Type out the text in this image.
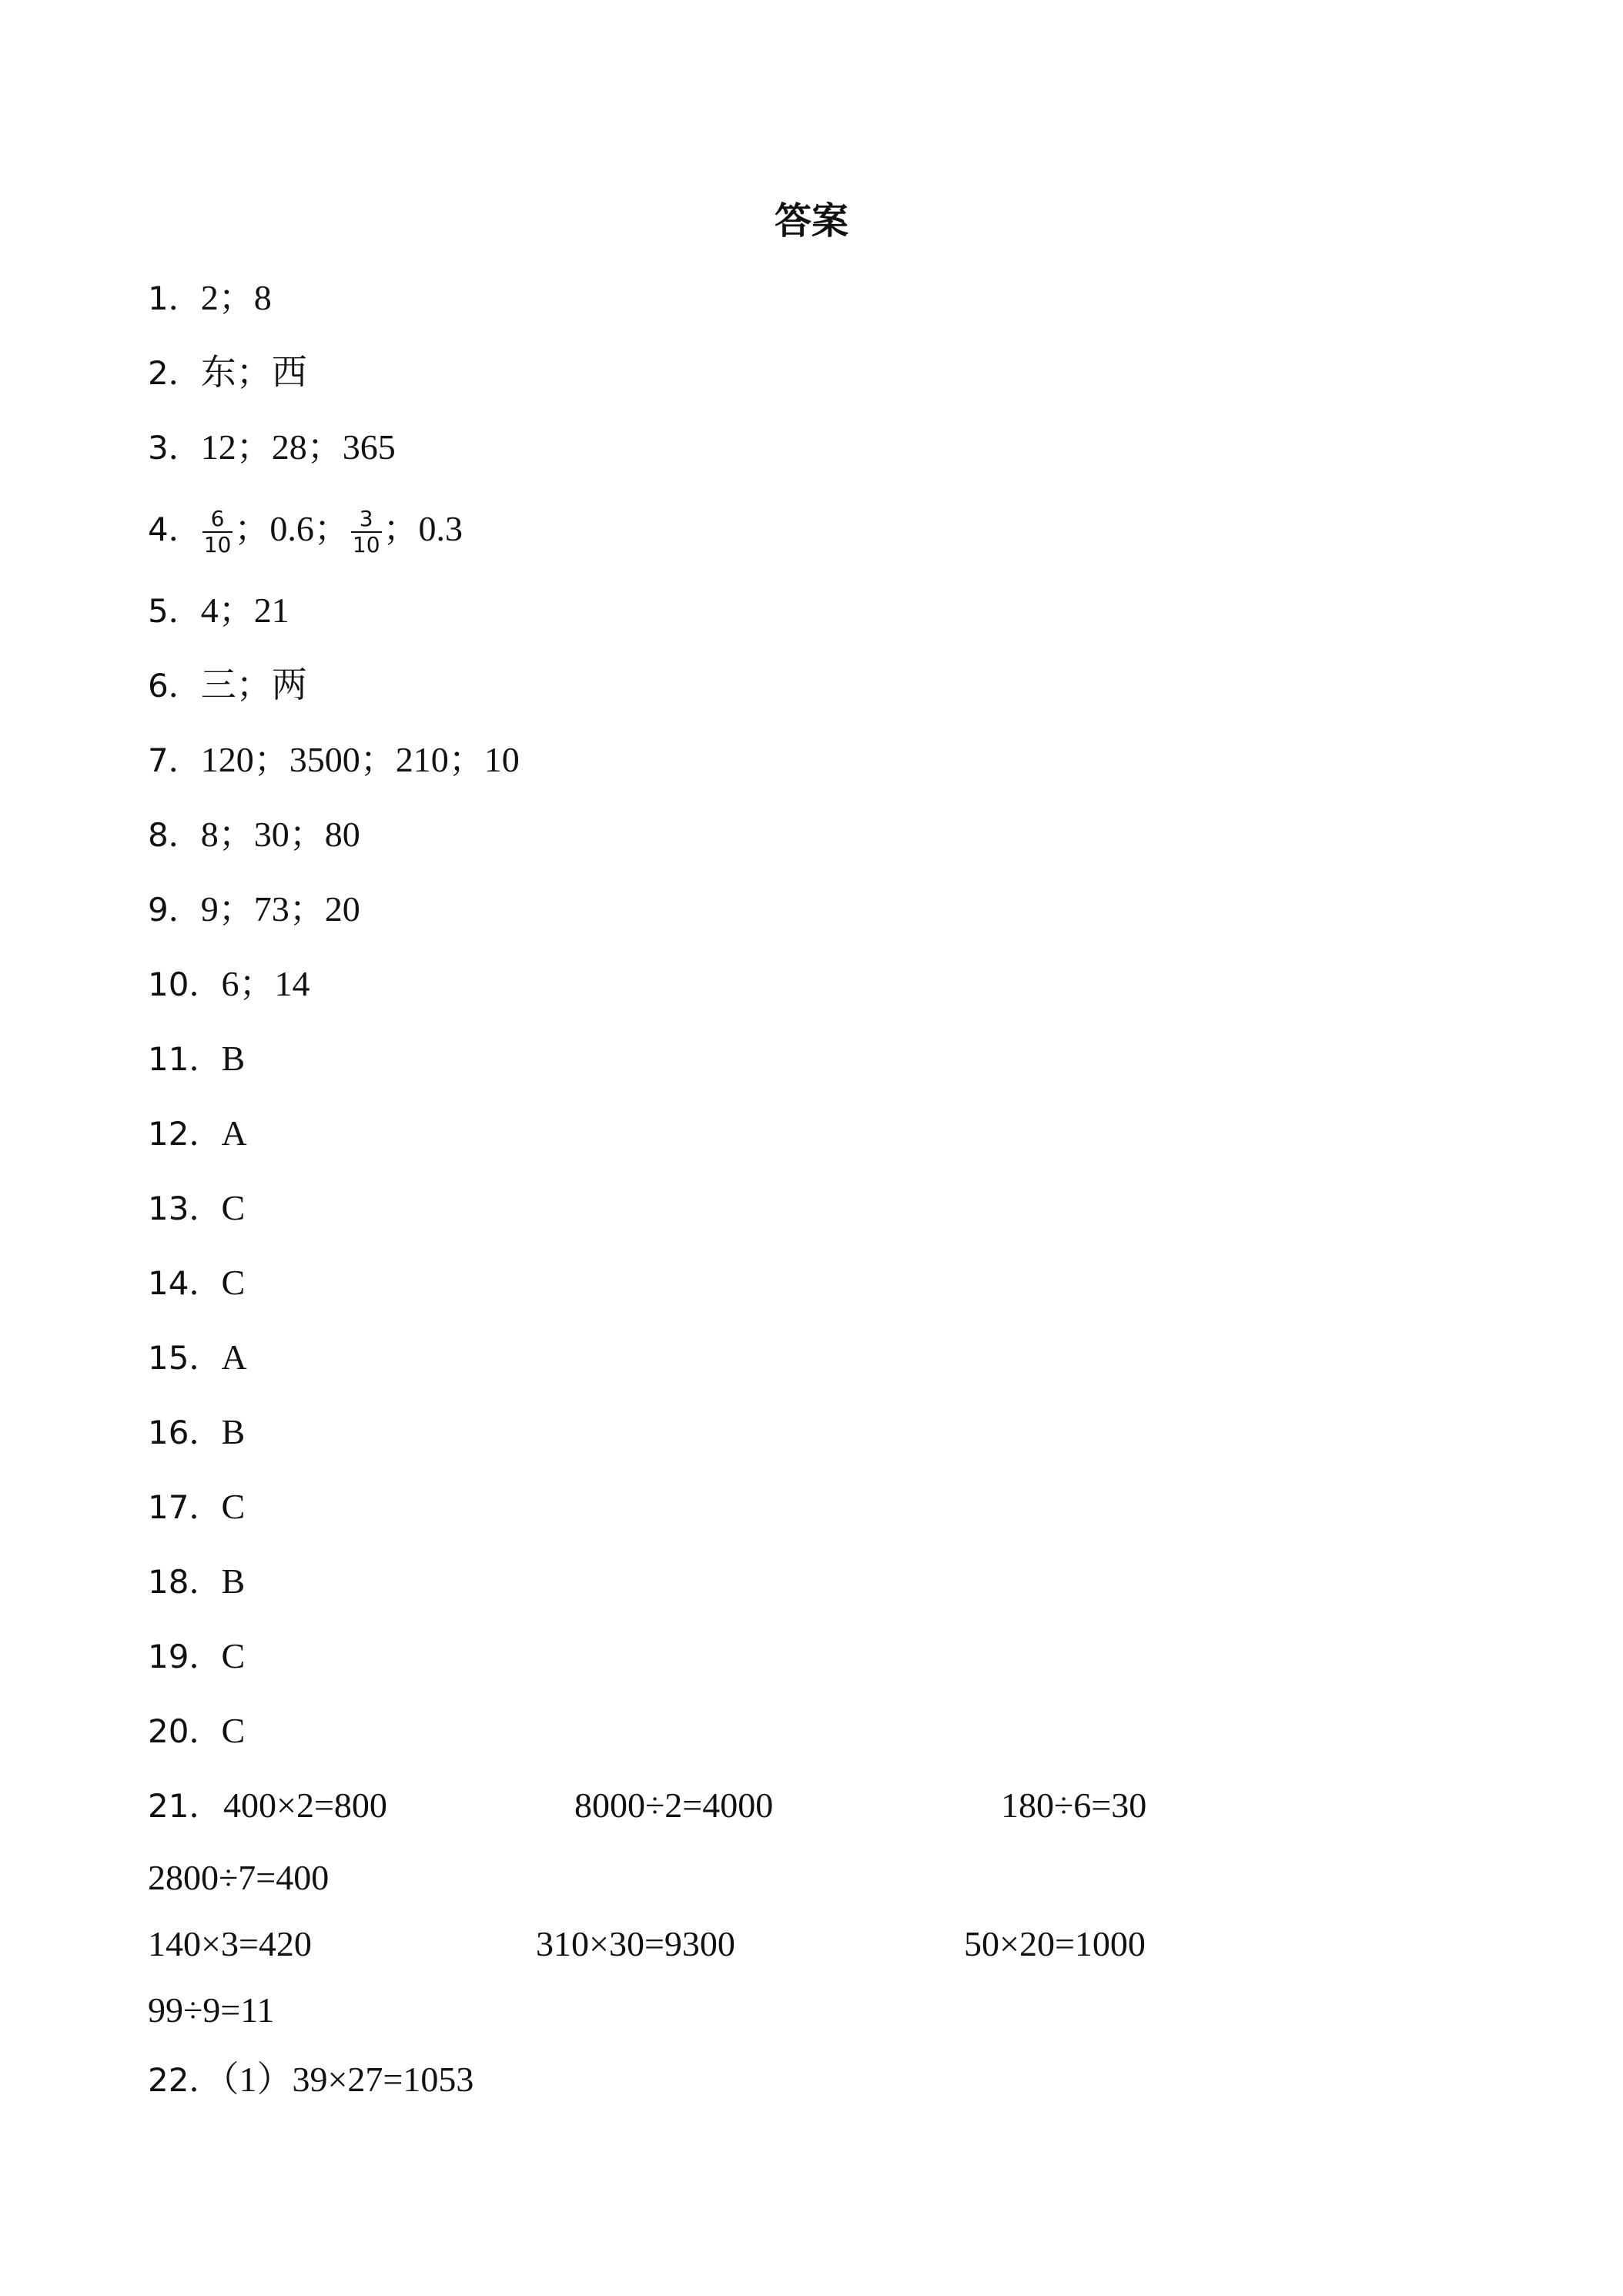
答案
1．2；8
2．东；西
3．12；28；365
4． $\frac{6}{10}$ ；0.6； $\frac{3}{10}$ ；0.3
5．4；21
6．三；两
7．120；3500；210；10
8．8；30；80
9．9；73；20
10．6；14
11．B
12．A
13．C
14．C
15．A
16．B
17．C
18．B
19．C
20．C
21． 400×2=800	8000÷2=4000	180÷6=30
2800÷7=400
140×3=420	310×30=9300	50×20=1000
99÷9=11
22．（1）39×27=1053
